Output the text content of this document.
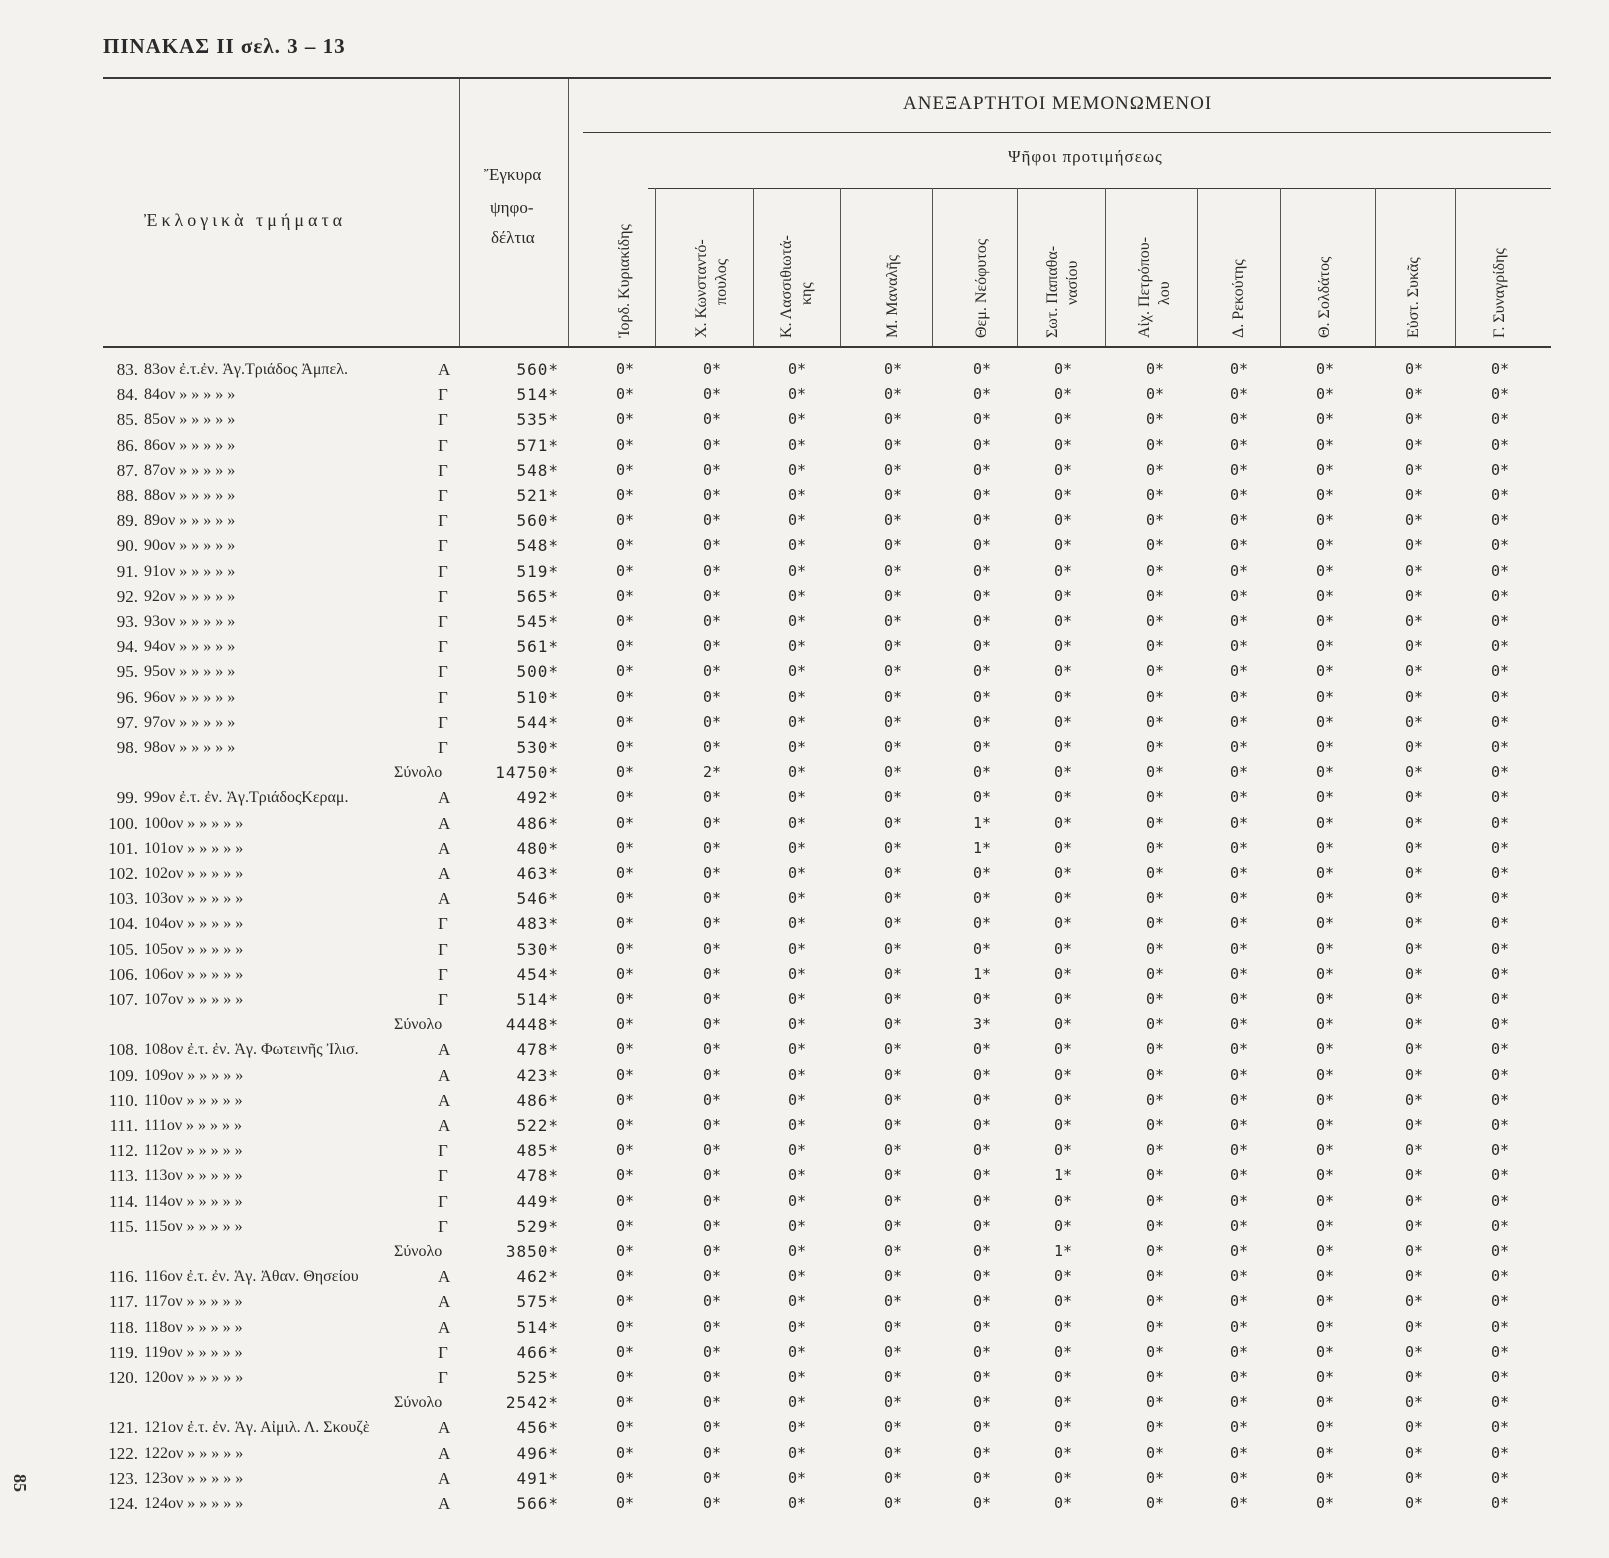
ΠΙΝΑΚΑΣ ΙΙ σελ. 3 – 13
Ἐκλογικὰ τμήματα
Ἔγκυρα
ψηφο-
δέλτια
ΑΝΕΞΑΡΤΗΤΟΙ ΜΕΜΟΝΩΜΕΝΟΙ
Ψῆφοι προτιμήσεως
Ἰορδ. Κυριακίδης	Χ. Κωνσταντό- πουλος	Κ. Λασσιθιωτά- κης	Μ. Μαναλῆς	Θεμ. Νεόφυτος	Σωτ. Παπαθα- νασίου	Αἰχ. Πετρόπου- λου	Δ. Ρεκούτης	Θ. Σολδάτος	Εὐστ. Συκᾶς	Γ. Συναγρίδης
83. 83ον ἐ.τ.ἐν. Ἁγ.Τριάδος Ἀμπελ.	Α	560*	0*	0*	0*	0*	0*	0*	0*	0*	0*	0*	0*
84. 84ον » » » » »	Γ	514*	0*	0*	0*	0*	0*	0*	0*	0*	0*	0*	0*
85. 85ον » » » » »	Γ	535*	0*	0*	0*	0*	0*	0*	0*	0*	0*	0*	0*
86. 86ον » » » » »	Γ	571*	0*	0*	0*	0*	0*	0*	0*	0*	0*	0*	0*
87. 87ον » » » » »	Γ	548*	0*	0*	0*	0*	0*	0*	0*	0*	0*	0*	0*
88. 88ον » » » » »	Γ	521*	0*	0*	0*	0*	0*	0*	0*	0*	0*	0*	0*
89. 89ον » » » » »	Γ	560*	0*	0*	0*	0*	0*	0*	0*	0*	0*	0*	0*
90. 90ον » » » » »	Γ	548*	0*	0*	0*	0*	0*	0*	0*	0*	0*	0*	0*
91. 91ον » » » » »	Γ	519*	0*	0*	0*	0*	0*	0*	0*	0*	0*	0*	0*
92. 92ον » » » » »	Γ	565*	0*	0*	0*	0*	0*	0*	0*	0*	0*	0*	0*
93. 93ον » » » » »	Γ	545*	0*	0*	0*	0*	0*	0*	0*	0*	0*	0*	0*
94. 94ον » » » » »	Γ	561*	0*	0*	0*	0*	0*	0*	0*	0*	0*	0*	0*
95. 95ον » » » » »	Γ	500*	0*	0*	0*	0*	0*	0*	0*	0*	0*	0*	0*
96. 96ον » » » » »	Γ	510*	0*	0*	0*	0*	0*	0*	0*	0*	0*	0*	0*
97. 97ον » » » » »	Γ	544*	0*	0*	0*	0*	0*	0*	0*	0*	0*	0*	0*
98. 98ον » » » » »	Γ	530*	0*	0*	0*	0*	0*	0*	0*	0*	0*	0*	0*
Σύνολο	14750*	0*	2*	0*	0*	0*	0*	0*	0*	0*	0*	0*
99. 99ον ἐ.τ. ἐν. Ἁγ.ΤριάδοςΚεραμ.	Α	492*	0*	0*	0*	0*	0*	0*	0*	0*	0*	0*	0*
100. 100ον » » » » »	Α	486*	0*	0*	0*	0*	1*	0*	0*	0*	0*	0*	0*
101. 101ον » » » » »	Α	480*	0*	0*	0*	0*	1*	0*	0*	0*	0*	0*	0*
102. 102ον » » » » »	Α	463*	0*	0*	0*	0*	0*	0*	0*	0*	0*	0*	0*
103. 103ον » » » » »	Α	546*	0*	0*	0*	0*	0*	0*	0*	0*	0*	0*	0*
104. 104ον » » » » »	Γ	483*	0*	0*	0*	0*	0*	0*	0*	0*	0*	0*	0*
105. 105ον » » » » »	Γ	530*	0*	0*	0*	0*	0*	0*	0*	0*	0*	0*	0*
106. 106ον » » » » »	Γ	454*	0*	0*	0*	0*	1*	0*	0*	0*	0*	0*	0*
107. 107ον » » » » »	Γ	514*	0*	0*	0*	0*	0*	0*	0*	0*	0*	0*	0*
Σύνολο	4448*	0*	0*	0*	0*	3*	0*	0*	0*	0*	0*	0*
108. 108ον ἐ.τ. ἐν. Ἁγ. Φωτεινῆς Ἰλισ.	Α	478*	0*	0*	0*	0*	0*	0*	0*	0*	0*	0*	0*
109. 109ον » » » » »	Α	423*	0*	0*	0*	0*	0*	0*	0*	0*	0*	0*	0*
110. 110ον » » » » »	Α	486*	0*	0*	0*	0*	0*	0*	0*	0*	0*	0*	0*
111. 111ον » » » » »	Α	522*	0*	0*	0*	0*	0*	0*	0*	0*	0*	0*	0*
112. 112ον » » » » »	Γ	485*	0*	0*	0*	0*	0*	0*	0*	0*	0*	0*	0*
113. 113ον » » » » »	Γ	478*	0*	0*	0*	0*	0*	1*	0*	0*	0*	0*	0*
114. 114ον » » » » »	Γ	449*	0*	0*	0*	0*	0*	0*	0*	0*	0*	0*	0*
115. 115ον » » » » »	Γ	529*	0*	0*	0*	0*	0*	0*	0*	0*	0*	0*	0*
Σύνολο	3850*	0*	0*	0*	0*	0*	1*	0*	0*	0*	0*	0*
116. 116ον ἐ.τ. ἐν. Ἁγ. Ἀθαν. Θησείου	Α	462*	0*	0*	0*	0*	0*	0*	0*	0*	0*	0*	0*
117. 117ον » » » » »	Α	575*	0*	0*	0*	0*	0*	0*	0*	0*	0*	0*	0*
118. 118ον » » » » »	Α	514*	0*	0*	0*	0*	0*	0*	0*	0*	0*	0*	0*
119. 119ον » » » » »	Γ	466*	0*	0*	0*	0*	0*	0*	0*	0*	0*	0*	0*
120. 120ον » » » » »	Γ	525*	0*	0*	0*	0*	0*	0*	0*	0*	0*	0*	0*
Σύνολο	2542*	0*	0*	0*	0*	0*	0*	0*	0*	0*	0*	0*
121. 121ον ἐ.τ. ἐν. Ἁγ. Αἰμιλ. Λ. Σκουζὲ	Α	456*	0*	0*	0*	0*	0*	0*	0*	0*	0*	0*	0*
122. 122ον » » » » »	Α	496*	0*	0*	0*	0*	0*	0*	0*	0*	0*	0*	0*
123. 123ον » » » » »	Α	491*	0*	0*	0*	0*	0*	0*	0*	0*	0*	0*	0*
124. 124ον » » » » »	Α	566*	0*	0*	0*	0*	0*	0*	0*	0*	0*	0*	0*
85
